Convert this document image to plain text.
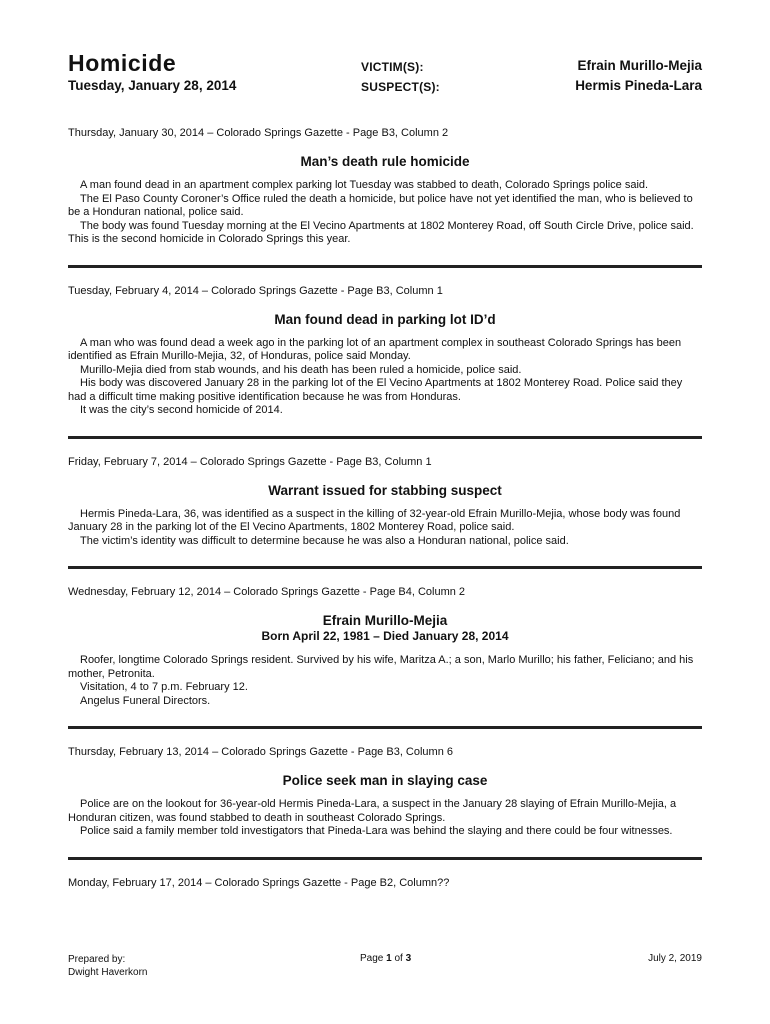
Homicide
Tuesday, January 28, 2014
VICTIM(S):
SUSPECT(S):
Efrain Murillo-Mejia
Hermis Pineda-Lara

Thursday, January 30, 2014 – Colorado Springs Gazette - Page B3, Column 2

Man’s death rule homicide

A man found dead in an apartment complex parking lot Tuesday was stabbed to death, Colorado Springs police said.

The El Paso County Coroner’s Office ruled the death a homicide, but police have not yet identified the man, who is believed to be a Honduran national, police said.

The body was found Tuesday morning at the El Vecino Apartments at 1802 Monterey Road, off South Circle Drive, police said. This is the second homicide in Colorado Springs this year.

Tuesday, February 4, 2014 – Colorado Springs Gazette - Page B3, Column 1

Man found dead in parking lot ID’d

A man who was found dead a week ago in the parking lot of an apartment complex in southeast Colorado Springs has been identified as Efrain Murillo-Mejia, 32, of Honduras, police said Monday.

Murillo-Mejia died from stab wounds, and his death has been ruled a homicide, police said.

His body was discovered January 28 in the parking lot of the El Vecino Apartments at 1802 Monterey Road. Police said they had a difficult time making positive identification because he was from Honduras.

It was the city’s second homicide of 2014.

Friday, February 7, 2014 – Colorado Springs Gazette - Page B3, Column 1

Warrant issued for stabbing suspect

Hermis Pineda-Lara, 36, was identified as a suspect in the killing of 32-year-old Efrain Murillo-Mejia, whose body was found January 28 in the parking lot of the El Vecino Apartments, 1802 Monterey Road, police said.

The victim’s identity was difficult to determine because he was also a Honduran national, police said.

Wednesday, February 12, 2014 – Colorado Springs Gazette - Page B4, Column 2

Efrain Murillo-Mejia

Born April 22, 1981 – Died January 28, 2014

Roofer, longtime Colorado Springs resident. Survived by his wife, Maritza A.; a son, Marlo Murillo; his father, Feliciano; and his mother, Petronita.

Visitation, 4 to 7 p.m. February 12.

Angelus Funeral Directors.

Thursday, February 13, 2014 – Colorado Springs Gazette - Page B3, Column 6

Police seek man in slaying case

Police are on the lookout for 36-year-old Hermis Pineda-Lara, a suspect in the January 28 slaying of Efrain Murillo-Mejia, a Honduran citizen, was found stabbed to death in southeast Colorado Springs.

Police said a family member told investigators that Pineda-Lara was behind the slaying and there could be four witnesses.

Monday, February 17, 2014 – Colorado Springs Gazette - Page B2, Column??

Prepared by:
Dwight Haverkorn
Page 1 of 3	July 2, 2019
